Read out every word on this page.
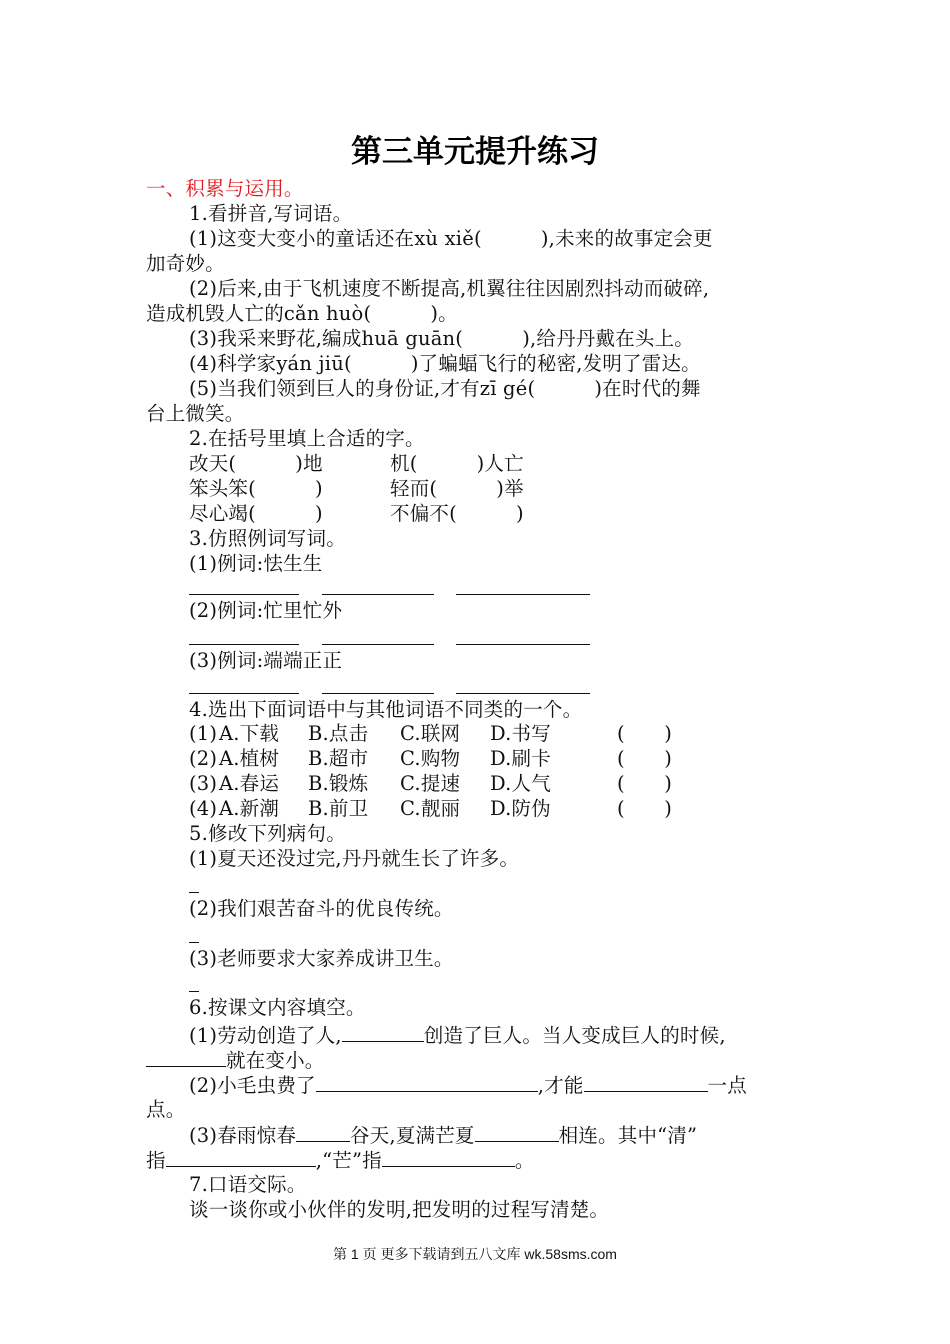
第三单元提升练习
一、积累与运用。
1.看拼音,写词语。
(1)这变大变小的童话还在xù xiě(　　　),未来的故事定会更
加奇妙。
(2)后来,由于飞机速度不断提高,机翼往往因剧烈抖动而破碎,
造成机毁人亡的cǎn huò(　　　)。
(3)我采来野花,编成huā guān(　　　),给丹丹戴在头上。
(4)科学家yán jiū(　　　)了蝙蝠飞行的秘密,发明了雷达。
(5)当我们领到巨人的身份证,才有zī gé(　　　)在时代的舞
台上微笑。
2.在括号里填上合适的字。
改天(　　　)地	机(　　　)人亡
笨头笨(　　　)	轻而(　　　)举
尽心竭(　　　)	不偏不(　　　)
3.仿照例词写词。
(1)例词:怯生生
(2)例词:忙里忙外
(3)例词:端端正正
4.选出下面词语中与其他词语不同类的一个。
(1) A.下载 B.点击 C.联网 D.书写	(　　)
(2) A.植树 B.超市 C.购物 D.刷卡	(　　)
(3) A.春运 B.锻炼 C.提速 D.人气	(　　)
(4) A.新潮 B.前卫 C.靓丽 D.防伪	(　　)
5.修改下列病句。
(1)夏天还没过完,丹丹就生长了许多。
(2)我们艰苦奋斗的优良传统。
(3)老师要求大家养成讲卫生。
6.按课文内容填空。
(1)劳动创造了人,	创造了巨人。当人变成巨人的时候,
就在变小。
(2)小毛虫费了	,才能	一点
点。
(3)春雨惊春	谷天,夏满芒夏	相连。其中“清”
指	,“芒”指	。
7.口语交际。
谈一谈你或小伙伴的发明,把发明的过程写清楚。
第 1 页 更多下载请到五八文库 wk.58sms.com
